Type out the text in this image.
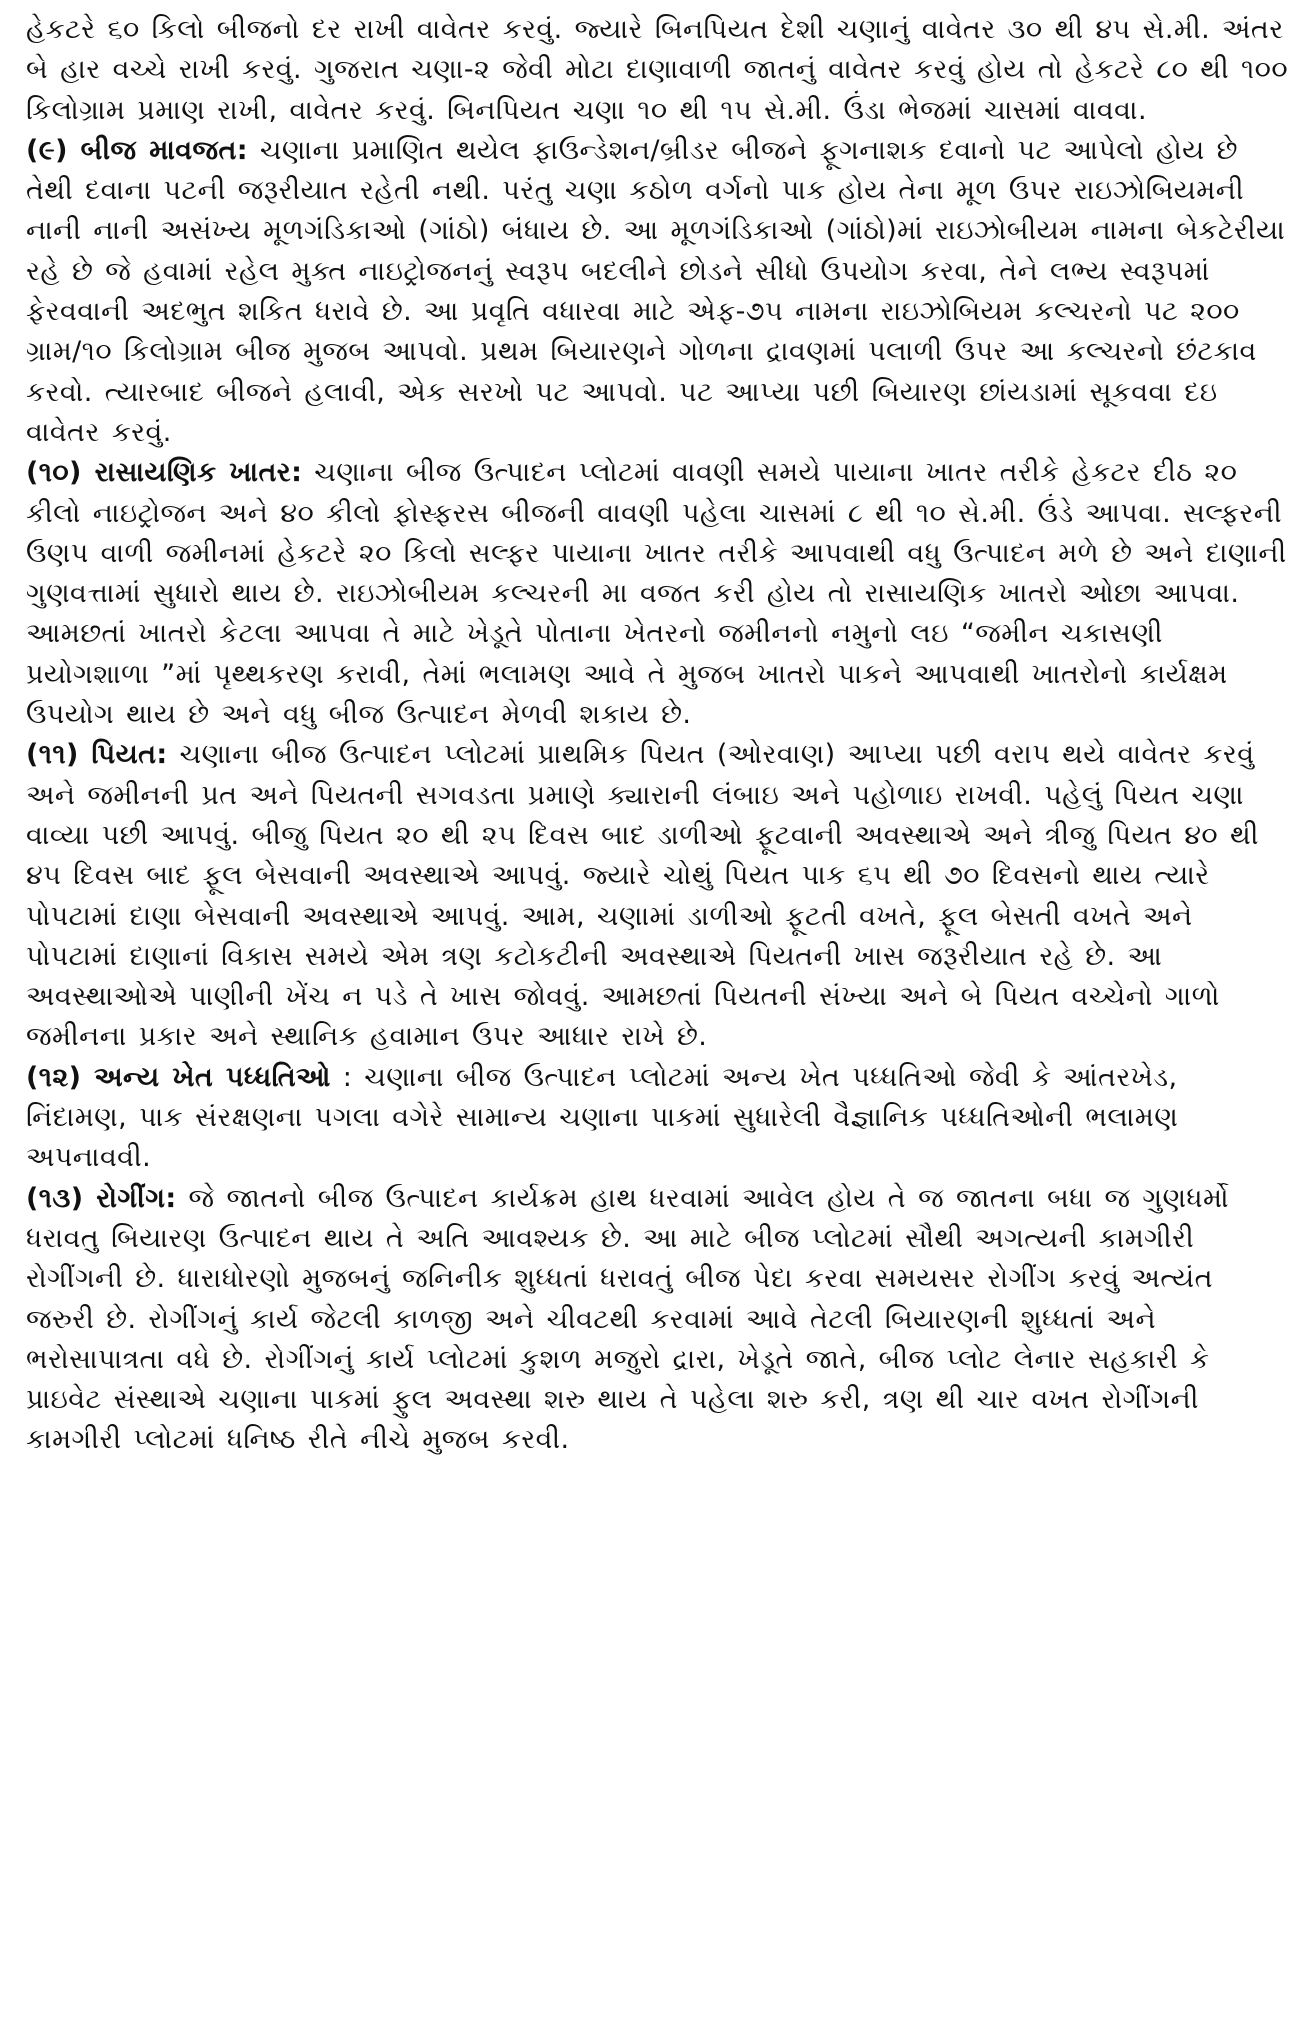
હેકટરે ૬૦ કિલો બીજનો દર રાખી વાવેતર કરવું. જ્યારે બિનપિયત દેશી ચણાનું વાવેતર ૩૦ થી ૪૫ સે.મી. અંતર બે હાર વચ્ચે રાખી કરવું. ગુજરાત ચણા-૨ જેવી મોટા દાણાવાળી જાતનું વાવેતર કરવું હોય તો હેકટરે ૮૦ થી ૧૦૦ કિલોગ્રામ પ્રમાણ રાખી, વાવેતર કરવું. બિનપિયત ચણા ૧૦ થી ૧૫ સે.મી. ઉંડા ભેજમાં ચાસમાં વાવવા.

(૯) બીજ માવજત: ચણાના પ્રમાણિત થયેલ ફાઉન્ડેશન/બ્રીડર બીજને ફૂગનાશક દવાનો પટ આપેલો હોય છે તેથી દવાના પટની જરૂરીયાત રહેતી નથી. પરંતુ ચણા કઠોળ વર્ગનો પાક હોય તેના મૂળ ઉપર રાઇઝોબિયમની નાની નાની અસંખ્ય મૂળગંડિકાઓ (ગાંઠો) બંધાય છે. આ મૂળગંડિકાઓ (ગાંઠો)માં રાઇઝોબીયમ નામના બેકટેરીયા રહે છે જે હવામાં રહેલ મુક્ત નાઇટ્રોજનનું સ્વરૂપ બદલીને છોડને સીધો ઉપયોગ કરવા, તેને લભ્ય સ્વરૂપમાં ફેરવવાની અદભુત શકિત ધરાવે છે. આ પ્રવૃતિ વધારવા માટે એફ-૭૫ નામના રાઇઝોબિયમ કલ્ચરનો પટ ૨૦૦ ગ્રામ/૧૦ કિલોગ્રામ બીજ મુજબ આપવો. પ્રથમ બિયારણને ગોળના દ્રાવણમાં પલાળી ઉપર આ કલ્ચરનો છંટકાવ કરવો. ત્યારબાદ બીજને હલાવી, એક સરખો પટ આપવો. પટ આપ્યા પછી બિયારણ છાંયડામાં સૂકવવા દઇ વાવેતર કરવું.

(૧૦) રાસાયણિક ખાતર: ચણાના બીજ ઉત્પાદન પ્લોટમાં વાવણી સમયે પાયાના ખાતર તરીકે હેકટર દીઠ ૨૦ કીલો નાઇટ્રોજન અને ૪૦ કીલો ફોસ્ફરસ બીજની વાવણી પહેલા ચાસમાં ૮ થી ૧૦ સે.મી. ઉંડે આપવા. સલ્ફરની ઉણપ વાળી જમીનમાં હેકટરે ૨૦ કિલો સલ્ફર પાયાના ખાતર તરીકે આપવાથી વધુ ઉત્પાદન મળે છે અને દાણાની ગુણવત્તામાં સુધારો થાય છે. રાઇઝોબીયમ કલ્ચરની મા વજત કરી હોય તો રાસાયણિક ખાતરો ઓછા આપવા. આમછતાં ખાતરો કેટલા આપવા તે માટે ખેડૂતે પોતાના ખેતરનો જમીનનો નમુનો લઇ “જમીન ચકાસણી પ્રયોગશાળા ”માં પૃથ્થકરણ કરાવી, તેમાં ભલામણ આવે તે મુજબ ખાતરો પાકને આપવાથી ખાતરોનો કાર્યક્ષમ ઉપયોગ થાય છે અને વધુ બીજ ઉત્પાદન મેળવી શકાય છે.

(૧૧) પિયત: ચણાના બીજ ઉત્પાદન પ્લોટમાં પ્રાથમિક પિયત (ઓરવાણ) આપ્યા પછી વરાપ થયે વાવેતર કરવું અને જમીનની પ્રત અને પિયતની સગવડતા પ્રમાણે ક્યારાની લંબાઇ અને પહોળાઇ રાખવી. પહેલું પિયત ચણા વાવ્યા પછી આપવું. બીજુ પિયત ૨૦ થી ૨૫ દિવસ બાદ ડાળીઓ ફૂટવાની અવસ્થાએ અને ત્રીજુ પિયત ૪૦ થી ૪૫ દિવસ બાદ ફૂલ બેસવાની અવસ્થાએ આપવું. જ્યારે ચોથું પિયત પાક ૬૫ થી ૭૦ દિવસનો થાય ત્યારે પોપટામાં દાણા બેસવાની અવસ્થાએ આપવું. આમ, ચણામાં ડાળીઓ ફૂટતી વખતે, ફૂલ બેસતી વખતે અને પોપટામાં દાણાનાં વિકાસ સમયે એમ ત્રણ કટોકટીની અવસ્થાએ પિયતની ખાસ જરૂરીયાત રહે છે. આ અવસ્થાઓએ પાણીની ખેંચ ન પડે તે ખાસ જોવવું. આમછતાં પિયતની સંખ્યા અને બે પિયત વચ્ચેનો ગાળો જમીનના પ્રકાર અને સ્થાનિક હવામાન ઉપર આધાર રાખે છે.

(૧૨) અન્ય ખેત પધ્ધતિઓ : ચણાના બીજ ઉત્પાદન પ્લોટમાં અન્ય ખેત પધ્ધતિઓ જેવી કે આંતરખેડ, નિંદામણ, પાક સંરક્ષણના પગલા વગેરે સામાન્ય ચણાના પાકમાં સુધારેલી વૈજ્ઞાનિક પધ્ધતિઓની ભલામણ અપનાવવી.

(૧૩) રોગીંગ: જે જાતનો બીજ ઉત્પાદન કાર્યક્રમ હાથ ધરવામાં આવેલ હોય તે જ જાતના બધા જ ગુણધર્મો ધરાવતુ બિયારણ ઉત્પાદન થાય તે અતિ આવશ્યક છે. આ માટે બીજ પ્લોટમાં સૌથી અગત્યની કામગીરી રોગીંગની છે. ધારાધોરણો મુજબનું જનિનીક શુધ્ધતાં ધરાવતું બીજ પેદા કરવા સમયસર રોગીંગ કરવું અત્યંત જરુરી છે. રોગીંગનું કાર્ય જેટલી કાળજી અને ચીવટથી કરવામાં આવે તેટલી બિયારણની શુધ્ધતાં અને ભરોસાપાત્રતા વધે છે. રોગીંગનું કાર્ય પ્લોટમાં કુશળ મજુરો દ્રારા, ખેડૂતે જાતે, બીજ પ્લોટ લેનાર સહકારી કે પ્રાઇવેટ સંસ્થાએ ચણાના પાકમાં ફુલ અવસ્થા શરુ થાય તે પહેલા શરુ કરી, ત્રણ થી ચાર વખત રોગીંગની કામગીરી પ્લોટમાં ધનિષ્ઠ રીતે નીચે મુજબ કરવી.
